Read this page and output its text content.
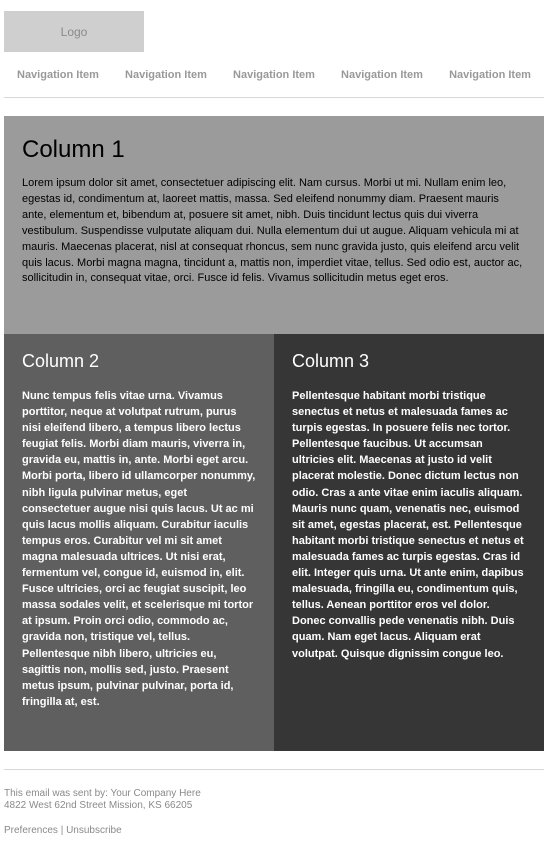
Logo
Navigation Item	Navigation Item	Navigation Item	Navigation Item	Navigation Item
Column 1

Lorem ipsum dolor sit amet, consectetuer adipiscing elit. Nam cursus. Morbi ut mi. Nullam enim leo, egestas id, condimentum at, laoreet mattis, massa. Sed eleifend nonummy diam. Praesent mauris ante, elementum et, bibendum at, posuere sit amet, nibh. Duis tincidunt lectus quis dui viverra vestibulum. Suspendisse vulputate aliquam dui. Nulla elementum dui ut augue. Aliquam vehicula mi at mauris. Maecenas placerat, nisl at consequat rhoncus, sem nunc gravida justo, quis eleifend arcu velit quis lacus. Morbi magna magna, tincidunt a, mattis non, imperdiet vitae, tellus. Sed odio est, auctor ac, sollicitudin in, consequat vitae, orci. Fusce id felis. Vivamus sollicitudin metus eget eros.

Column 2

Nunc tempus felis vitae urna. Vivamus porttitor, neque at volutpat rutrum, purus nisi eleifend libero, a tempus libero lectus feugiat felis. Morbi diam mauris, viverra in, gravida eu, mattis in, ante. Morbi eget arcu. Morbi porta, libero id ullamcorper nonummy, nibh ligula pulvinar metus, eget consectetuer augue nisi quis lacus. Ut ac mi quis lacus mollis aliquam. Curabitur iaculis tempus eros. Curabitur vel mi sit amet magna malesuada ultrices. Ut nisi erat, fermentum vel, congue id, euismod in, elit. Fusce ultricies, orci ac feugiat suscipit, leo massa sodales velit, et scelerisque mi tortor at ipsum. Proin orci odio, commodo ac, gravida non, tristique vel, tellus. Pellentesque nibh libero, ultricies eu, sagittis non, mollis sed, justo. Praesent metus ipsum, pulvinar pulvinar, porta id, fringilla at, est.

Column 3

Pellentesque habitant morbi tristique senectus et netus et malesuada fames ac turpis egestas. In posuere felis nec tortor. Pellentesque faucibus. Ut accumsan ultricies elit. Maecenas at justo id velit placerat molestie. Donec dictum lectus non odio. Cras a ante vitae enim iaculis aliquam. Mauris nunc quam, venenatis nec, euismod sit amet, egestas placerat, est. Pellentesque habitant morbi tristique senectus et netus et malesuada fames ac turpis egestas. Cras id elit. Integer quis urna. Ut ante enim, dapibus malesuada, fringilla eu, condimentum quis, tellus. Aenean porttitor eros vel dolor. Donec convallis pede venenatis nibh. Duis quam. Nam eget lacus. Aliquam erat volutpat. Quisque dignissim congue leo.

This email was sent by: Your Company Here
4822 West 62nd Street Mission, KS 66205
Preferences | Unsubscribe
